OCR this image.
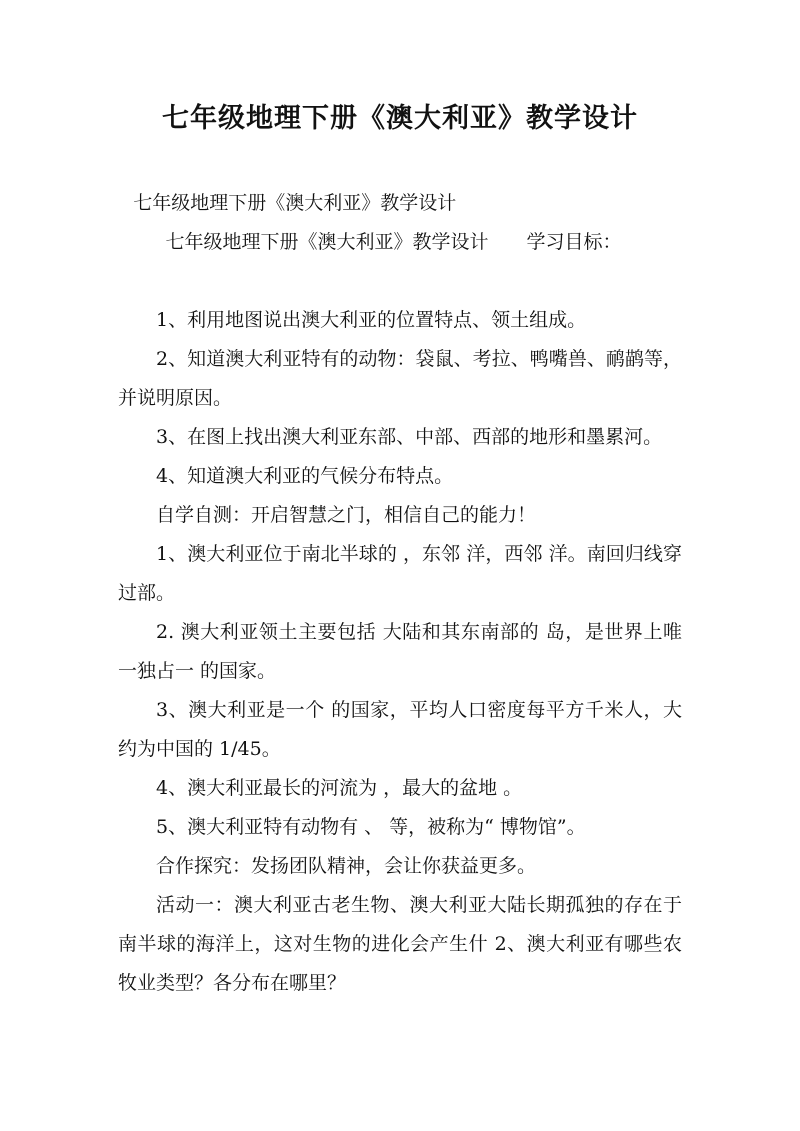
七年级地理下册《澳大利亚》教学设计

七年级地理下册《澳大利亚》教学设计

七年级地理下册《澳大利亚》教学设计　　学习目标：

1、利用地图说出澳大利亚的位置特点、领土组成。

2、知道澳大利亚特有的动物：袋鼠、考拉、鸭嘴兽、鸸鹋等，并说明原因。

3、在图上找出澳大利亚东部、中部、西部的地形和墨累河。

4、知道澳大利亚的气候分布特点。

自学自测：开启智慧之门，相信自己的能力！

1、澳大利亚位于南北半球的 ，东邻 洋，西邻 洋。南回归线穿过部。

2. 澳大利亚领土主要包括 大陆和其东南部的 岛，是世界上唯一独占一 的国家。

3、澳大利亚是一个 的国家，平均人口密度每平方千米人，大约为中国的 1/45。

4、澳大利亚最长的河流为 ，最大的盆地 。

5、澳大利亚特有动物有 、 等，被称为“ 博物馆”。

合作探究：发扬团队精神，会让你获益更多。

活动一：澳大利亚古老生物、澳大利亚大陆长期孤独的存在于南半球的海洋上，这对生物的进化会产生什 2、澳大利亚有哪些农牧业类型？各分布在哪里？
